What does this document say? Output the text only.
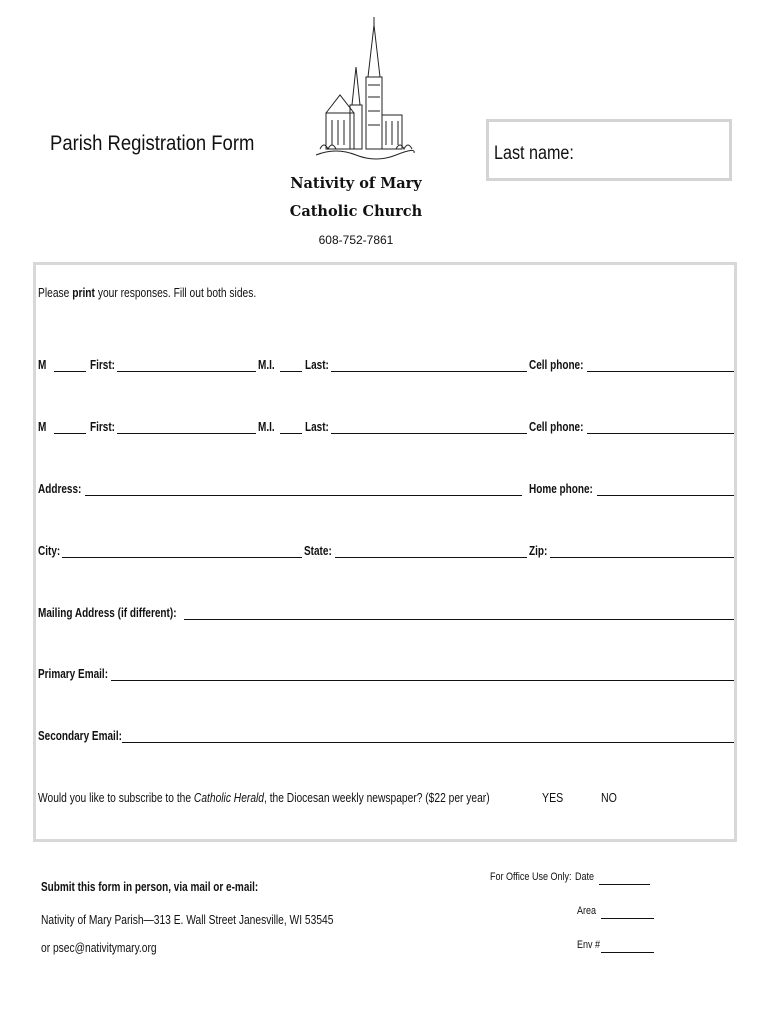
Parish Registration Form
Nativity of Mary
Catholic Church
608-752-7861
Last name:
Please print your responses. Fill out both sides.
M	First:	M.I. Last:	Cell phone:
M	First:	M.I. Last:	Cell phone:
Address:	Home phone:
City:	State:	Zip:
Mailing Address (if different):
Primary Email:
Secondary Email:
Would you like to subscribe to the Catholic Herald, the Diocesan weekly newspaper? ($22 per year)	YES	NO
Submit this form in person, via mail or e-mail:
Nativity of Mary Parish—313 E. Wall Street Janesville, WI 53545
or psec@nativitymary.org
For Office Use Only: Date
Area
Env #
